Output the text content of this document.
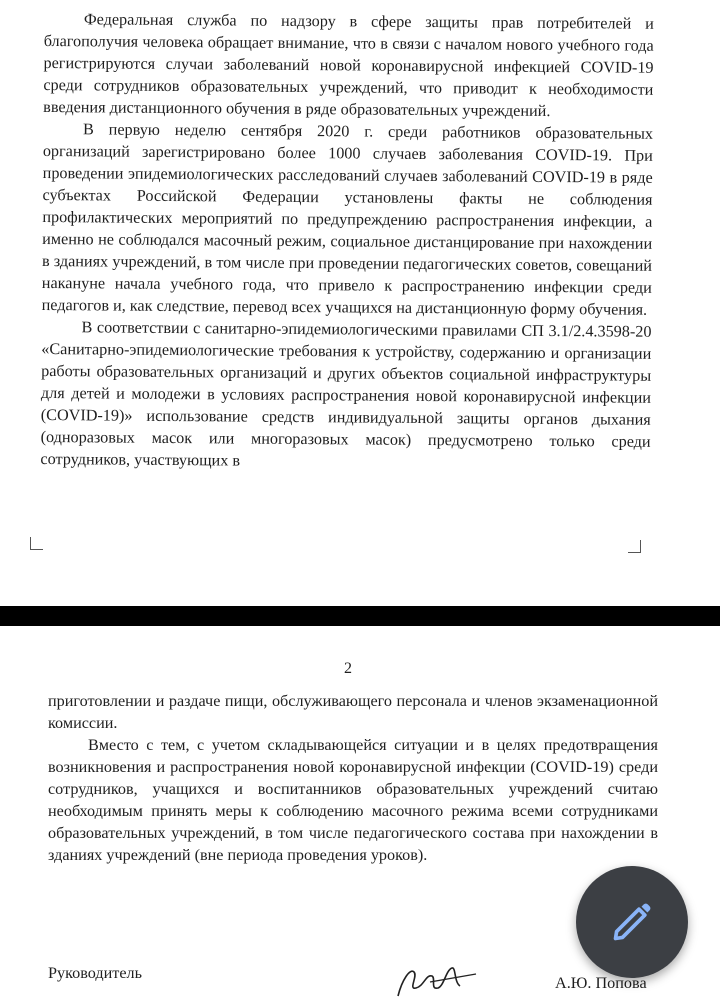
Федеральная служба по надзору в сфере защиты прав потребителей и благополучия человека обращает внимание, что в связи с началом нового учебного года регистрируются случаи заболеваний новой коронавирусной инфекцией COVID-19 среди сотрудников образовательных учреждений, что приводит к необходимости введения дистанционного обучения в ряде образовательных учреждений.

В первую неделю сентября 2020 г. среди работников образовательных организаций зарегистрировано более 1000 случаев заболевания COVID-19. При проведении эпидемиологических расследований случаев заболеваний COVID-19 в ряде субъектах Российской Федерации установлены факты не соблюдения профилактических мероприятий по предупреждению распространения инфекции, а именно не соблюдался масочный режим, социальное дистанцирование при нахождении в зданиях учреждений, в том числе при проведении педагогических советов, совещаний накануне начала учебного года, что привело к распространению инфекции среди педагогов и, как следствие, перевод всех учащихся на дистанционную форму обучения.

В соответствии с санитарно-эпидемиологическими правилами СП 3.1/2.4.3598-20 «Санитарно-эпидемиологические требования к устройству, содержанию и организации работы образовательных организаций и других объектов социальной инфраструктуры для детей и молодежи в условиях распространения новой коронавирусной инфекции (COVID-19)» использование средств индивидуальной защиты органов дыхания (одноразовых масок или многоразовых масок) предусмотрено только среди сотрудников, участвующих в

2

приготовлении и раздаче пищи, обслуживающего персонала и членов экзаменационной комиссии.

Вместо с тем, с учетом складывающейся ситуации и в целях предотвращения возникновения и распространения новой коронавирусной инфекции (COVID-19) среди сотрудников, учащихся и воспитанников образовательных учреждений считаю необходимым принять меры к соблюдению масочного режима всеми сотрудниками образовательных учреждений, в том числе педагогического состава при нахождении в зданиях учреждений (вне периода проведения уроков).

Руководитель
А.Ю. Попова
